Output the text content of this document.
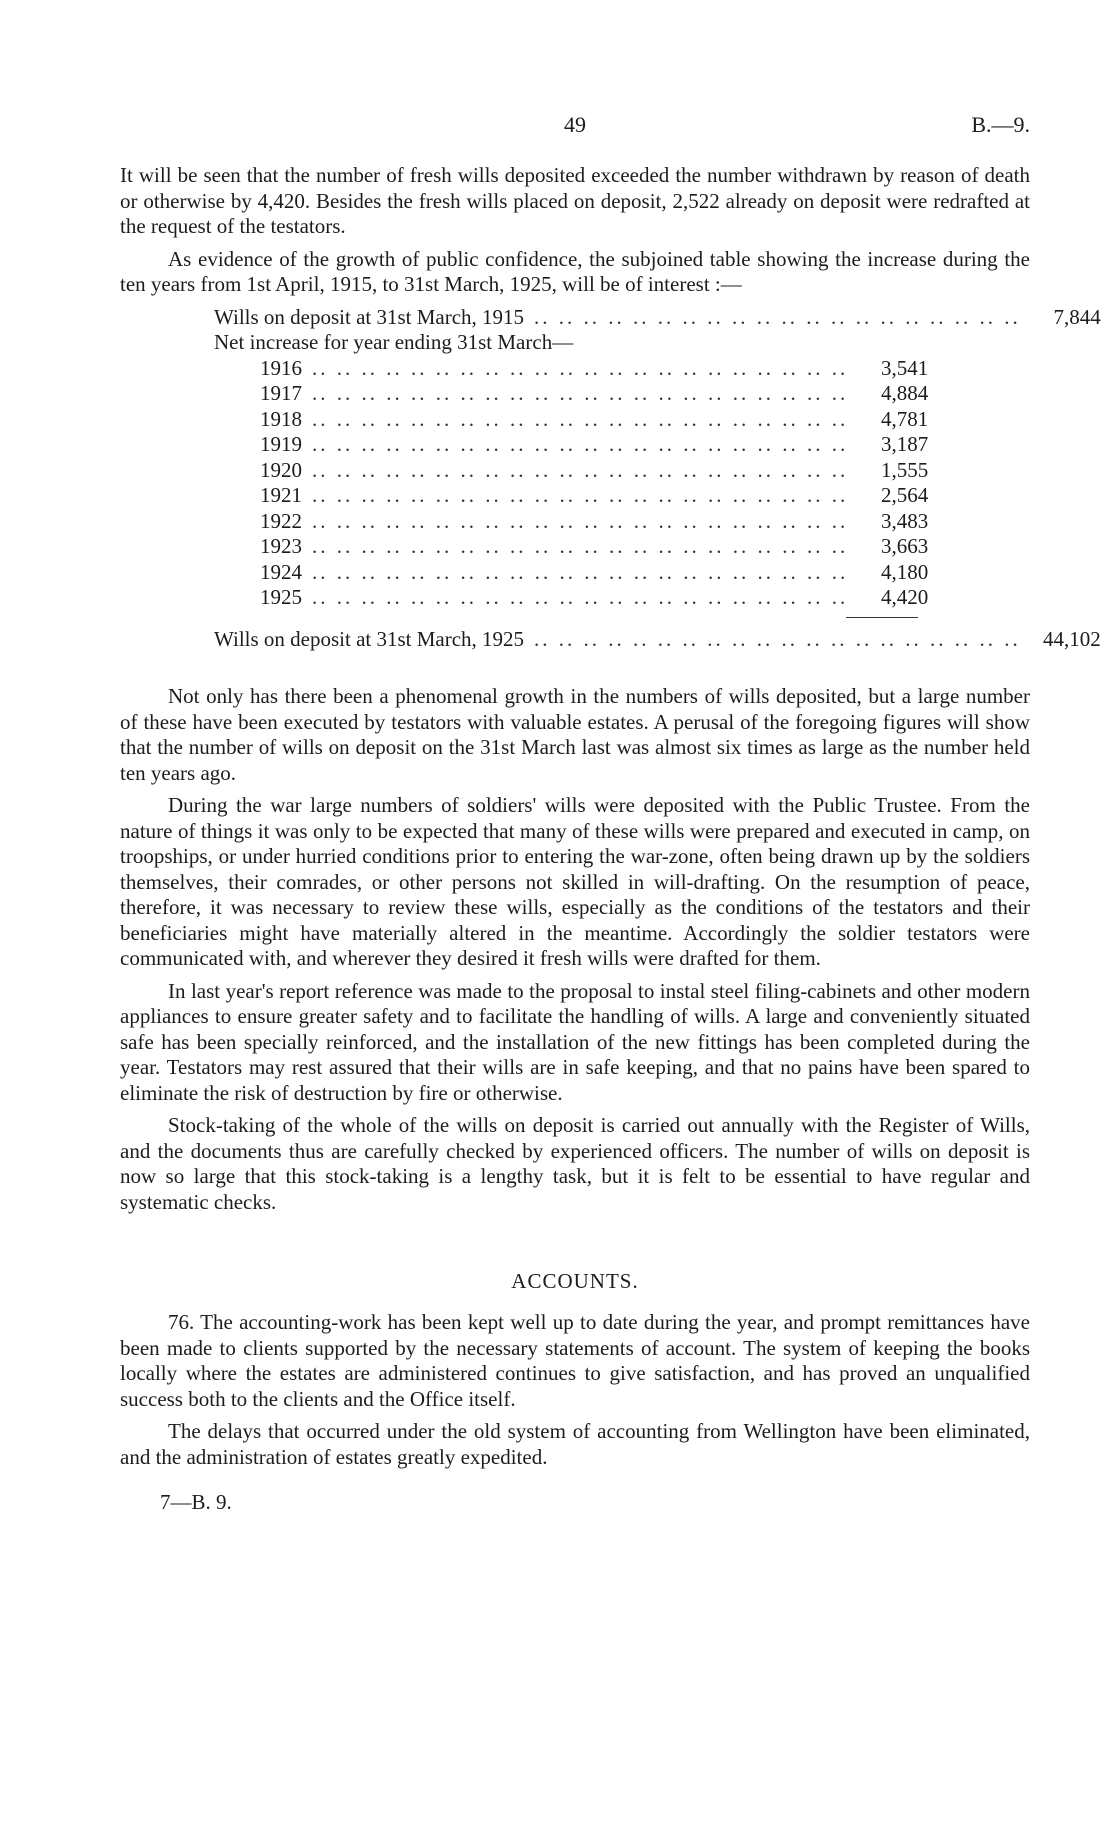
49	B.—9.

It will be seen that the number of fresh wills deposited exceeded the number withdrawn by reason of death or otherwise by 4,420. Besides the fresh wills placed on deposit, 2,522 already on deposit were redrafted at the request of the testators.

As evidence of the growth of public confidence, the subjoined table showing the increase during the ten years from 1st April, 1915, to 31st March, 1925, will be of interest :—

Wills on deposit at 31st March, 1915 .. .. .. .. .. .. .. .. .. .. .. .. .. .. .. .. .. .. .. ..	7,844
Net increase for year ending 31st March—
1916 .. .. .. .. .. .. .. .. .. .. .. .. .. .. .. .. .. .. .. .. .. ..	3,541
1917 .. .. .. .. .. .. .. .. .. .. .. .. .. .. .. .. .. .. .. .. .. ..	4,884
1918 .. .. .. .. .. .. .. .. .. .. .. .. .. .. .. .. .. .. .. .. .. ..	4,781
1919 .. .. .. .. .. .. .. .. .. .. .. .. .. .. .. .. .. .. .. .. .. ..	3,187
1920 .. .. .. .. .. .. .. .. .. .. .. .. .. .. .. .. .. .. .. .. .. ..	1,555
1921 .. .. .. .. .. .. .. .. .. .. .. .. .. .. .. .. .. .. .. .. .. ..	2,564
1922 .. .. .. .. .. .. .. .. .. .. .. .. .. .. .. .. .. .. .. .. .. ..	3,483
1923 .. .. .. .. .. .. .. .. .. .. .. .. .. .. .. .. .. .. .. .. .. ..	3,663
1924 .. .. .. .. .. .. .. .. .. .. .. .. .. .. .. .. .. .. .. .. .. ..	4,180
1925 .. .. .. .. .. .. .. .. .. .. .. .. .. .. .. .. .. .. .. .. .. ..	4,420
Wills on deposit at 31st March, 1925 .. .. .. .. .. .. .. .. .. .. .. .. .. .. .. .. .. .. .. ..	44,102

Not only has there been a phenomenal growth in the numbers of wills deposited, but a large number of these have been executed by testators with valuable estates. A perusal of the foregoing figures will show that the number of wills on deposit on the 31st March last was almost six times as large as the number held ten years ago.

During the war large numbers of soldiers' wills were deposited with the Public Trustee. From the nature of things it was only to be expected that many of these wills were prepared and executed in camp, on troopships, or under hurried conditions prior to entering the war-zone, often being drawn up by the soldiers themselves, their comrades, or other persons not skilled in will-drafting. On the resumption of peace, therefore, it was necessary to review these wills, especially as the conditions of the testators and their beneficiaries might have materially altered in the meantime. Accordingly the soldier testators were communicated with, and wherever they desired it fresh wills were drafted for them.

In last year's report reference was made to the proposal to instal steel filing-cabinets and other modern appliances to ensure greater safety and to facilitate the handling of wills. A large and conveniently situated safe has been specially reinforced, and the installation of the new fittings has been completed during the year. Testators may rest assured that their wills are in safe keeping, and that no pains have been spared to eliminate the risk of destruction by fire or otherwise.

Stock-taking of the whole of the wills on deposit is carried out annually with the Register of Wills, and the documents thus are carefully checked by experienced officers. The number of wills on deposit is now so large that this stock-taking is a lengthy task, but it is felt to be essential to have regular and systematic checks.

ACCOUNTS.

76. The accounting-work has been kept well up to date during the year, and prompt remittances have been made to clients supported by the necessary statements of account. The system of keeping the books locally where the estates are administered continues to give satisfaction, and has proved an unqualified success both to the clients and the Office itself.

The delays that occurred under the old system of accounting from Wellington have been eliminated, and the administration of estates greatly expedited.

7—B. 9.
